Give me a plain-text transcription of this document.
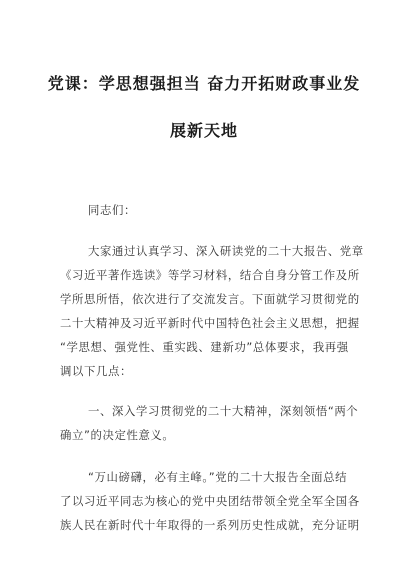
党课：学思想强担当 奋力开拓财政事业发
展新天地
同志们：
大家通过认真学习、深入研读党的二十大报告、党章
《习近平著作选读》等学习材料，结合自身分管工作及所
学所思所悟，依次进行了交流发言。下面就学习贯彻党的
二十大精神及习近平新时代中国特色社会主义思想，把握
“学思想、强党性、重实践、建新功”总体要求，我再强
调以下几点：
一、深入学习贯彻党的二十大精神，深刻领悟“两个
确立”的决定性意义。
“万山磅礴，必有主峰。”党的二十大报告全面总结
了以习近平同志为核心的党中央团结带领全党全军全国各
族人民在新时代十年取得的一系列历史性成就，充分证明
